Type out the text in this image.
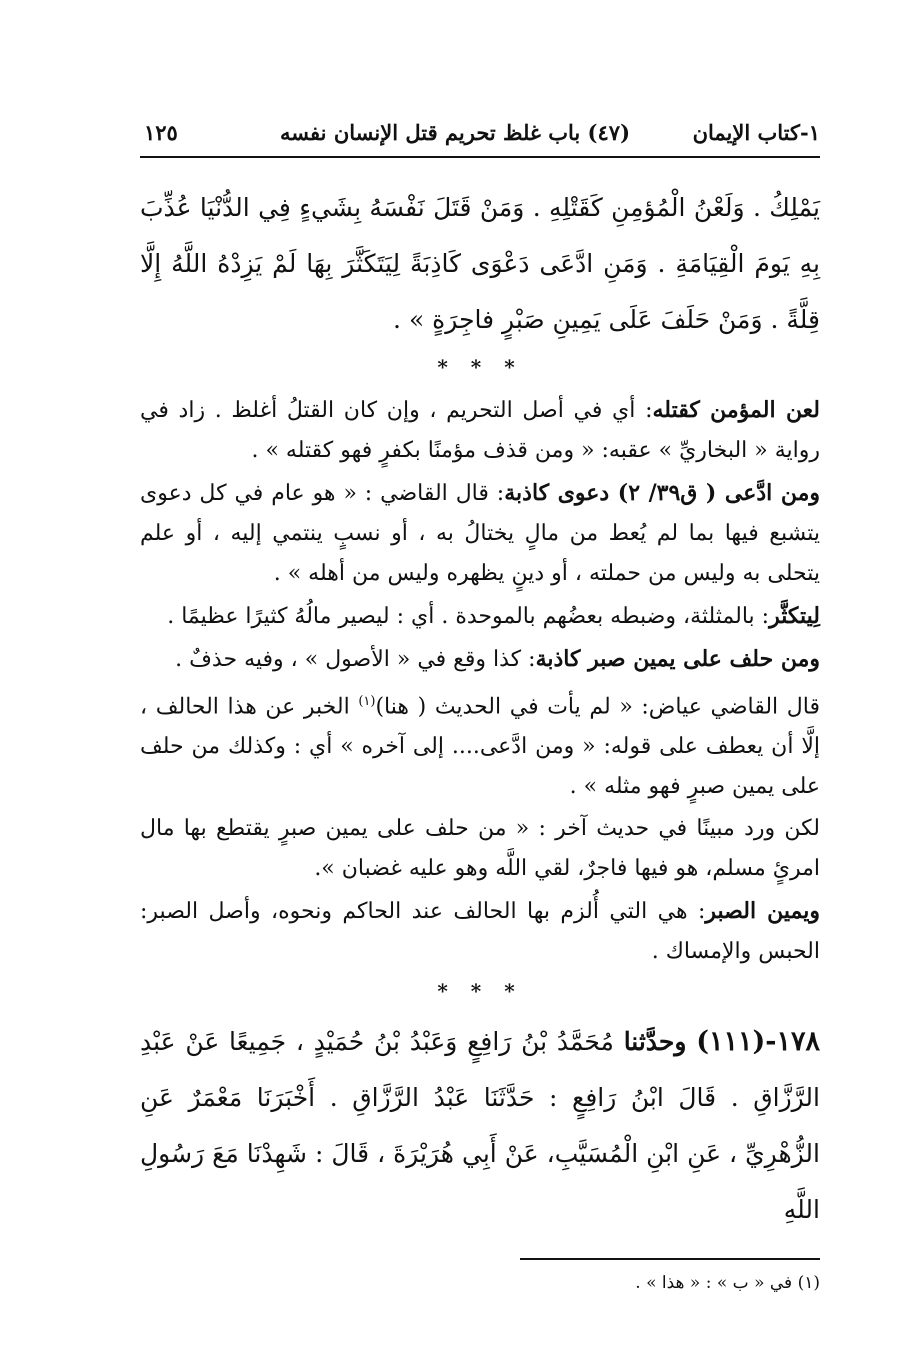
١-كتاب الإيمان
(٤٧) باب غلظ تحريم قتل الإنسان نفسه
١٢٥

يَمْلِكُ . وَلَعْنُ الْمُؤمِنِ كَقَتْلِهِ . وَمَنْ قَتَلَ نَفْسَهُ بِشَيءٍ فِي الدُّنْيَا عُذِّبَ بِهِ يَومَ الْقِيَامَةِ . وَمَنِ ادَّعَى دَعْوَى كَاذِبَةً لِيَتَكَثَّرَ بِهَا لَمْ يَزِدْهُ اللَّهُ إِلَّا قِلَّةً . وَمَنْ حَلَفَ عَلَى يَمِينِ صَبْرٍ فاجِرَةٍ » .

* * *

لعن المؤمن كقتله: أي في أصل التحريم ، وإن كان القتلُ أغلظ . زاد في رواية « البخاريِّ » عقبه: « ومن قذف مؤمنًا بكفرٍ فهو كقتله » .

ومن ادَّعى ( ق٣٩/ ٢) دعوى كاذبة: قال القاضي : « هو عام في كل دعوى يتشبع فيها بما لم يُعط من مالٍ يختالُ به ، أو نسبٍ ينتمي إليه ، أو علم يتحلى به وليس من حملته ، أو دينٍ يظهره وليس من أهله » .

لِيتكثَّر: بالمثلثة، وضبطه بعضُهم بالموحدة . أي : ليصير مالُهُ كثيرًا عظيمًا .

ومن حلف على يمين صبر كاذبة: كذا وقع في « الأصول » ، وفيه حذفٌ .

قال القاضي عياض: « لم يأت في الحديث ( هنا)$^{(١)}$ الخبر عن هذا الحالف ، إلَّا أن يعطف على قوله: « ومن ادَّعى.... إلى آخره » أي : وكذلك من حلف على يمين صبرٍ فهو مثله » .

لكن ورد مبينًا في حديث آخر : « من حلف على يمين صبرٍ يقتطع بها مال امرئٍ مسلم، هو فيها فاجرٌ، لقي اللَّه وهو عليه غضبان ».

ويمين الصبر: هي التي أُلزم بها الحالف عند الحاكم ونحوه، وأصل الصبر: الحبس والإمساك .

* * *

١٧٨-(١١١) وحدَّثنا مُحَمَّدُ بْنُ رَافِعٍ وَعَبْدُ بْنُ حُمَيْدٍ ، جَمِيعًا عَنْ عَبْدِ الرَّزَّاقِ . قَالَ ابْنُ رَافِعٍ : حَدَّثَنَا عَبْدُ الرَّزَّاقِ . أَخْبَرَنَا مَعْمَرٌ عَنِ الزُّهْرِيِّ ، عَنِ ابْنِ الْمُسَيَّبِ، عَنْ أَبِي هُرَيْرَةَ ، قَالَ : شَهِدْنَا مَعَ رَسُولِ اللَّهِ

(١) في « ب » : « هذا » .
